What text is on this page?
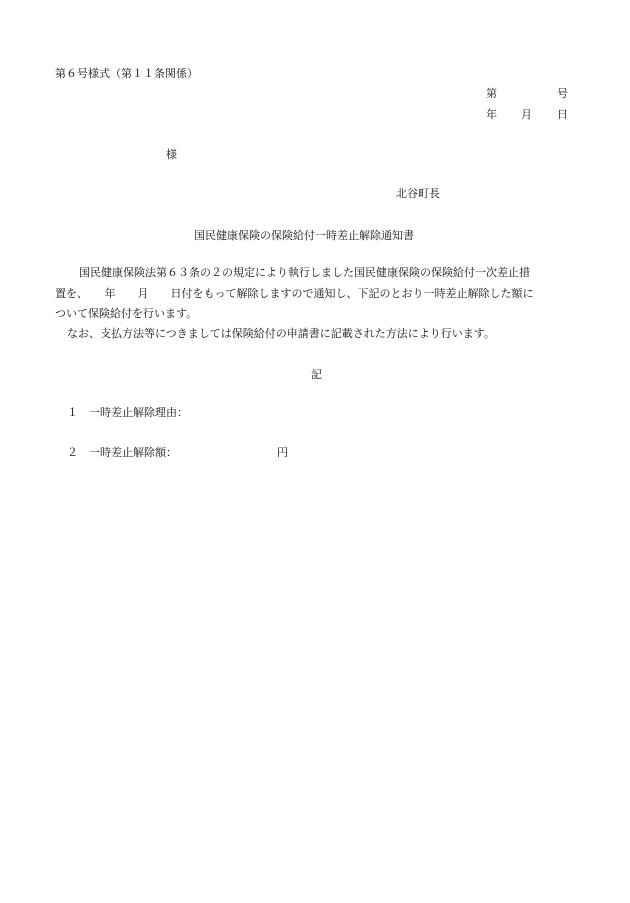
第６号様式（第１１条関係）
第	号
年 月 日
様
北谷町長
国民健康保険の保険給付一時差止解除通知書
国民健康保険法第６３条の２の規定により執行しました国民健康保険の保険給付一次差止措
置を、　　年　　月　　日付をもって解除しますので通知し、下記のとおり一時差止解除した額に
ついて保険給付を行います。
なお、支払方法等につきましては保険給付の申請書に記載された方法により行います。
記
１ 一時差止解除理由：
２ 一時差止解除額：	円
